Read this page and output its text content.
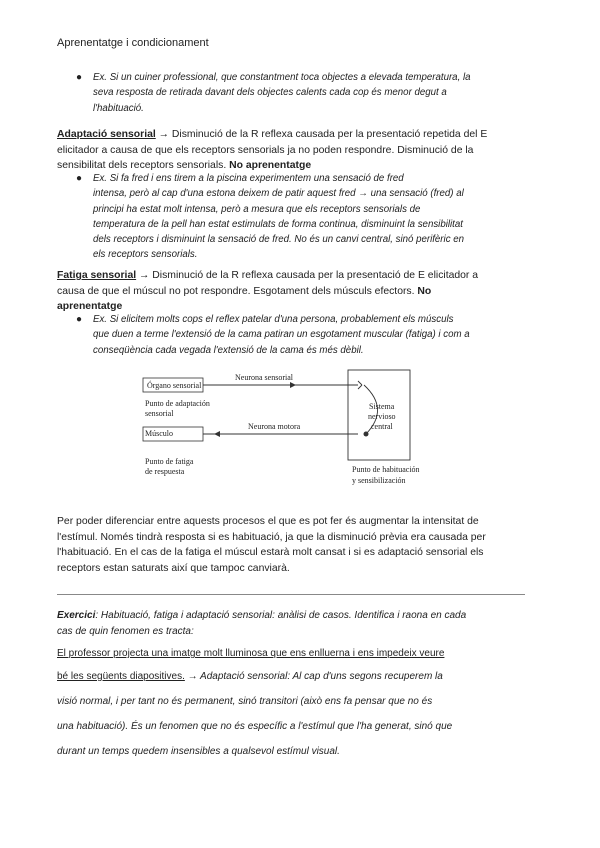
Aprenentatge i condicionament
● Ex. Si un cuiner professional, que constantment toca objectes a elevada temperatura, la
seva resposta de retirada davant dels objectes calents cada cop és menor degut a
l'habituació.
Adaptació sensorial → Disminució de la R reflexa causada per la presentació repetida del E
elicitador a causa de que els receptors sensorials ja no poden respondre. Disminució de la
sensibilitat dels receptors sensorials. No aprenentatge
● Ex. Si fa fred i ens tirem a la piscina experimentem una sensació de fred
intensa, però al cap d'una estona deixem de patir aquest fred → una sensació (fred) al
principi ha estat molt intensa, però a mesura que els receptors sensorials de
temperatura de la pell han estat estimulats de forma continua, disminuint la sensibilitat
dels receptors i disminuint la sensació de fred. No és un canvi central, sinó perifèric en
els receptors sensorials.
Fatiga sensorial → Disminució de la R reflexa causada per la presentació de E elicitador a
causa de que el múscul no pot respondre. Esgotament dels músculs efectors. No
aprenentatge
● Ex. Si elicitem molts cops el reflex patelar d'una persona, probablement els músculs
que duen a terme l'extensió de la cama patiran un esgotament muscular (fatiga) i com a
conseqüència cada vegada l'extensió de la cama és més dèbil.
Órgano sensorial
Neurona sensorial
Punto de adaptación
sensorial
Músculo
Neurona motora
Punto de fatiga
de respuesta
Sistema
nervioso
central
Punto de habituación
y sensibilización
Per poder diferenciar entre aquests procesos el que es pot fer és augmentar la intensitat de
l'estímul. Només tindrà resposta si es habituació, ja que la disminució prèvia era causada per
l'habituació. En el cas de la fatiga el múscul estarà molt cansat i si es adaptació sensorial els
receptors estan saturats així que tampoc canviarà.
Exercici: Habituació, fatiga i adaptació sensorial: anàlisi de casos. Identifica i raona en cada
cas de quin fenomen es tracta:
El professor projecta una imatge molt lluminosa que ens enlluerna i ens impedeix veure
bé les següents diapositives. → Adaptació sensorial: Al cap d'uns segons recuperem la
visió normal, i per tant no és permanent, sinó transitori (això ens fa pensar que no és
una habituació). És un fenomen que no és específic a l'estímul que l'ha generat, sinó que
durant un temps quedem insensibles a qualsevol estímul visual.
